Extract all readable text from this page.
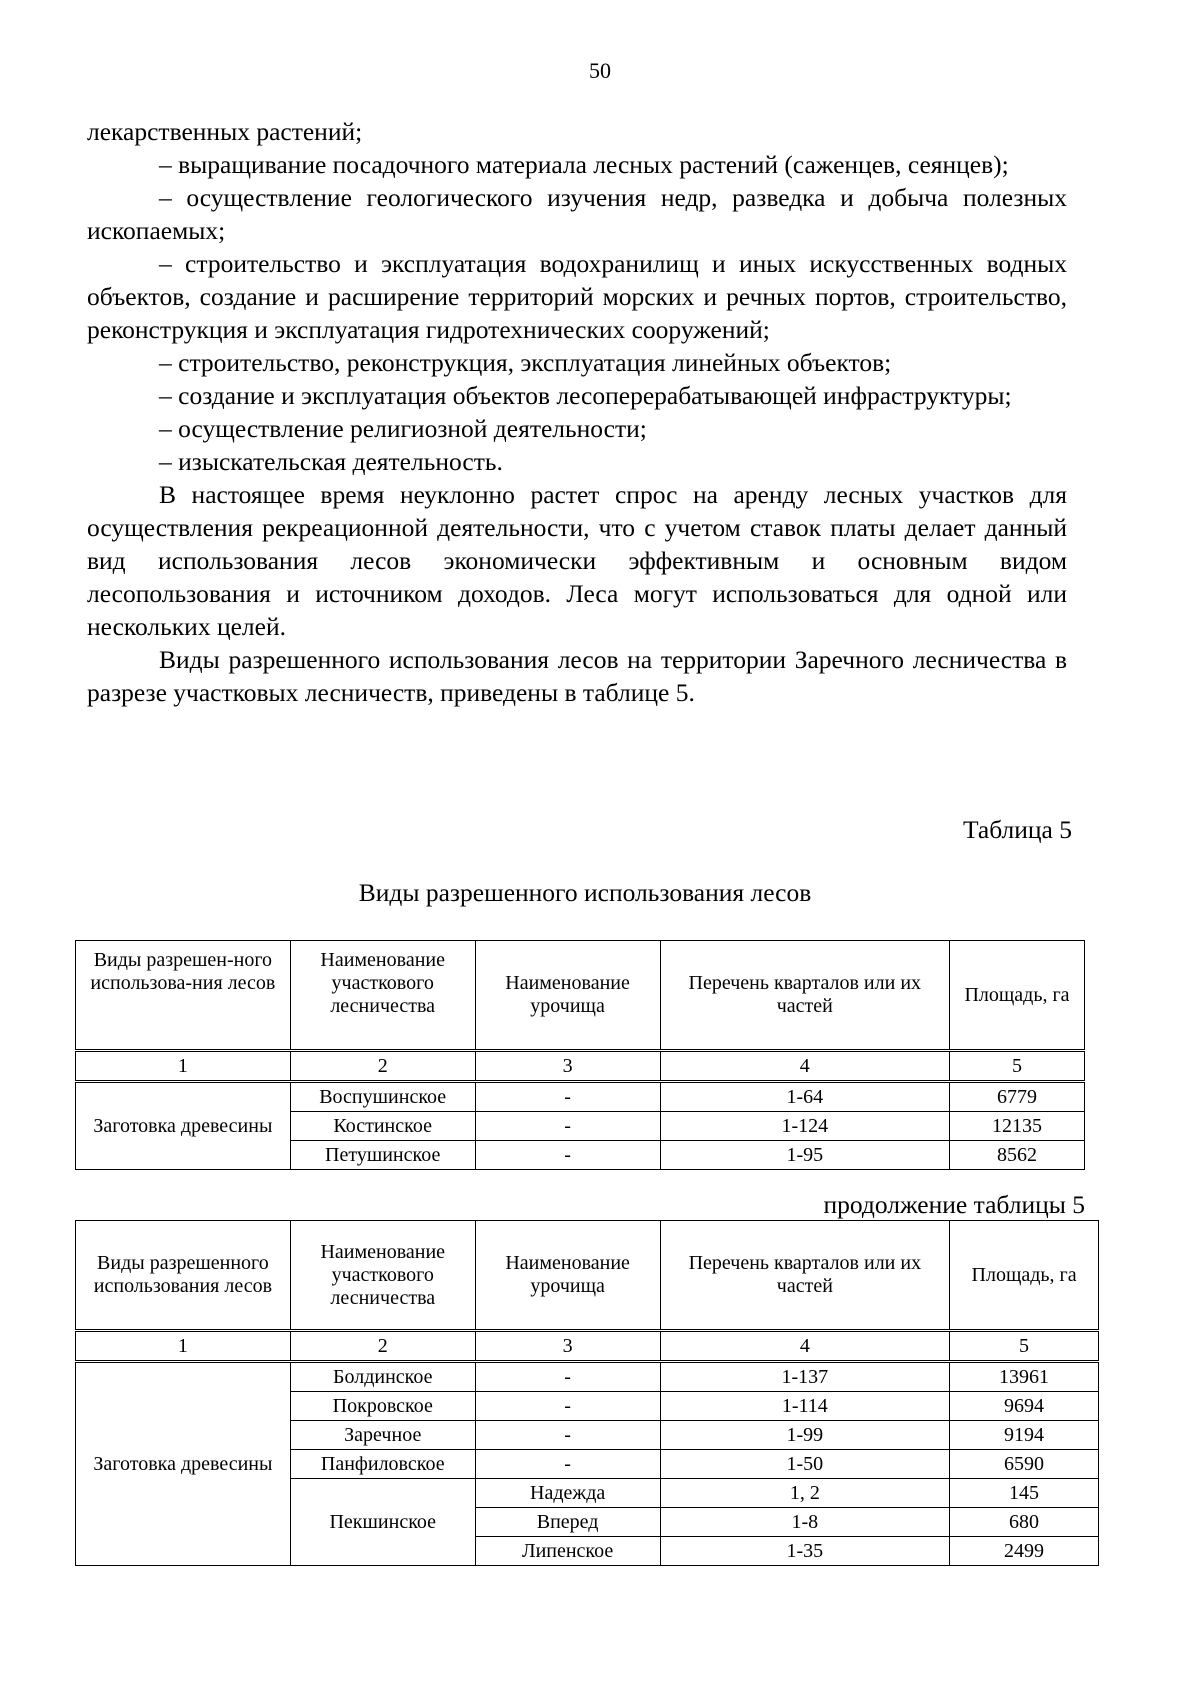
50

лекарственных растений;

– выращивание посадочного материала лесных растений (саженцев, сеянцев);

– осуществление геологического изучения недр, разведка и добыча полезных ископаемых;

– строительство и эксплуатация водохранилищ и иных искусственных водных объектов, создание и расширение территорий морских и речных портов, строительство, реконструкция и эксплуатация гидротехнических сооружений;

– строительство, реконструкция, эксплуатация линейных объектов;

– создание и эксплуатация объектов лесоперерабатывающей инфраструктуры;

– осуществление религиозной деятельности;

– изыскательская деятельность.

В настоящее время неуклонно растет спрос на аренду лесных участков для осуществления рекреационной деятельности, что с учетом ставок платы делает данный вид использования лесов экономически эффективным и основным видом лесопользования и источником доходов. Леса могут использоваться для одной или нескольких целей.

Виды разрешенного использования лесов на территории Заречного лесничества в разрезе участковых лесничеств, приведены в таблице 5.

Таблица 5
Виды разрешенного использования лесов
Виды разрешен-ного использова-ния лесов	Наименование участкового лесничества	Наименование урочища	Перечень кварталов или их частей	Площадь, га
1	2	3	4	5
Заготовка древесины	Воспушинское	-	1-64	6779
	Костинское	-	1-124	12135
	Петушинское	-	1-95	8562
продолжение таблицы 5
Виды разрешенного использования лесов	Наименование участкового лесничества	Наименование урочища	Перечень кварталов или их частей	Площадь, га
1	2	3	4	5
Заготовка древесины	Болдинское	-	1-137	13961
	Покровское	-	1-114	9694
	Заречное	-	1-99	9194
	Панфиловское	-	1-50	6590
	Пекшинское	Надежда	1, 2	145
		Вперед	1-8	680
		Липенское	1-35	2499
